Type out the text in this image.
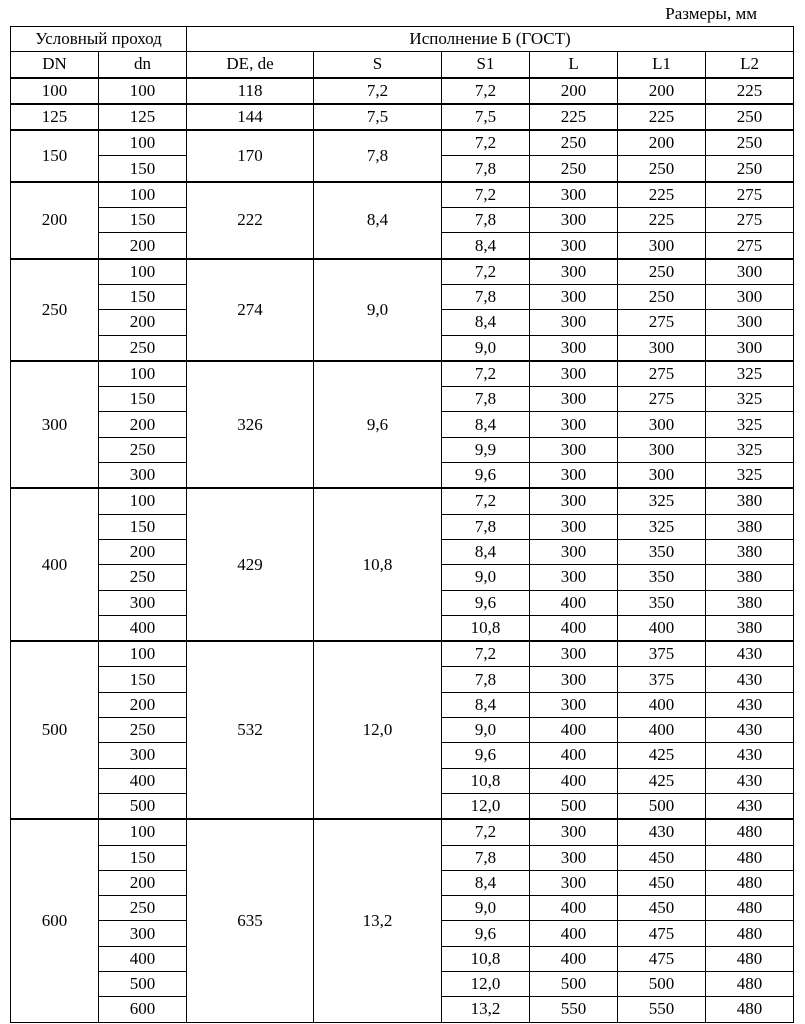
Размеры, мм
Условный проход		Исполнение Б (ГОСТ)					
DN	dn	DE, de	S	S1	L	L1	L2
100	100	118	7,2	7,2	200	200	225
125	125	144	7,5	7,5	225	225	250
150	100	170	7,8	7,2	250	200	250
	150			7,8	250	250	250
200	100	222	8,4	7,2	300	225	275
	150			7,8	300	225	275
	200			8,4	300	300	275
250	100	274	9,0	7,2	300	250	300
	150			7,8	300	250	300
	200			8,4	300	275	300
	250			9,0	300	300	300
300	100	326	9,6	7,2	300	275	325
	150			7,8	300	275	325
	200			8,4	300	300	325
	250			9,9	300	300	325
	300			9,6	300	300	325
400	100	429	10,8	7,2	300	325	380
	150			7,8	300	325	380
	200			8,4	300	350	380
	250			9,0	300	350	380
	300			9,6	400	350	380
	400			10,8	400	400	380
500	100	532	12,0	7,2	300	375	430
	150			7,8	300	375	430
	200			8,4	300	400	430
	250			9,0	400	400	430
	300			9,6	400	425	430
	400			10,8	400	425	430
	500			12,0	500	500	430
600	100	635	13,2	7,2	300	430	480
	150			7,8	300	450	480
	200			8,4	300	450	480
	250			9,0	400	450	480
	300			9,6	400	475	480
	400			10,8	400	475	480
	500			12,0	500	500	480
	600			13,2	550	550	480
